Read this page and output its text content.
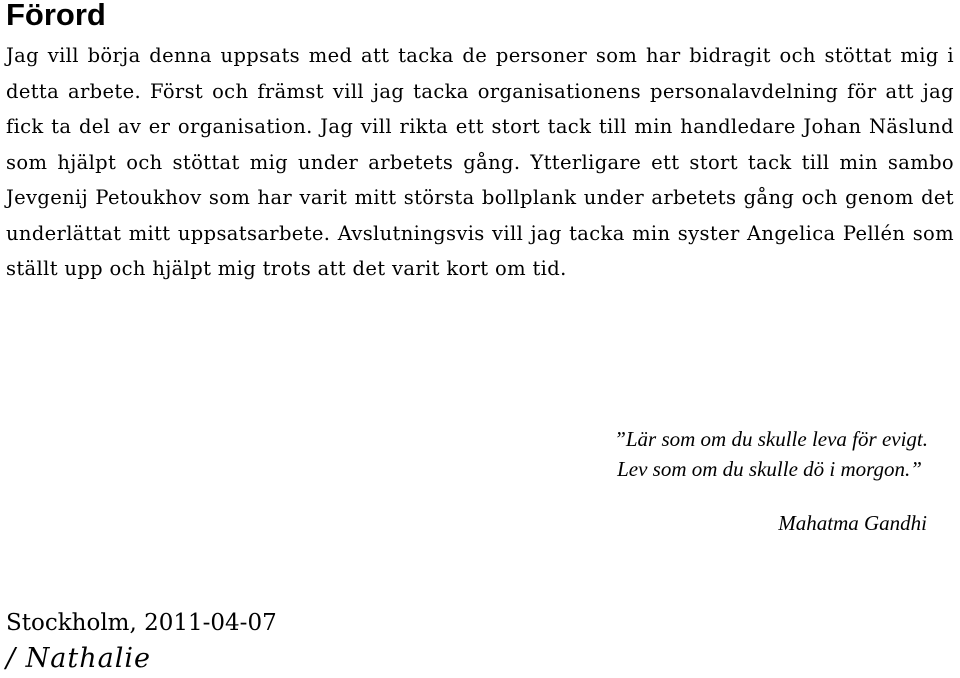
Förord

Jag vill börja denna uppsats med att tacka de personer som har bidragit och stöttat mig i detta arbete. Först och främst vill jag tacka organisationens personalavdelning för att jag fick ta del av er organisation. Jag vill rikta ett stort tack till min handledare Johan Näslund som hjälpt och stöttat mig under arbetets gång. Ytterligare ett stort tack till min sambo Jevgenij Petoukhov som har varit mitt största bollplank under arbetets gång och genom det underlättat mitt uppsatsarbete. Avslutningsvis vill jag tacka min syster Angelica Pellén som ställt upp och hjälpt mig trots att det varit kort om tid.

”Lär som om du skulle leva för evigt.
Lev som om du skulle dö i morgon.”
Mahatma Gandhi
Stockholm, 2011-04-07
/ Nathalie
